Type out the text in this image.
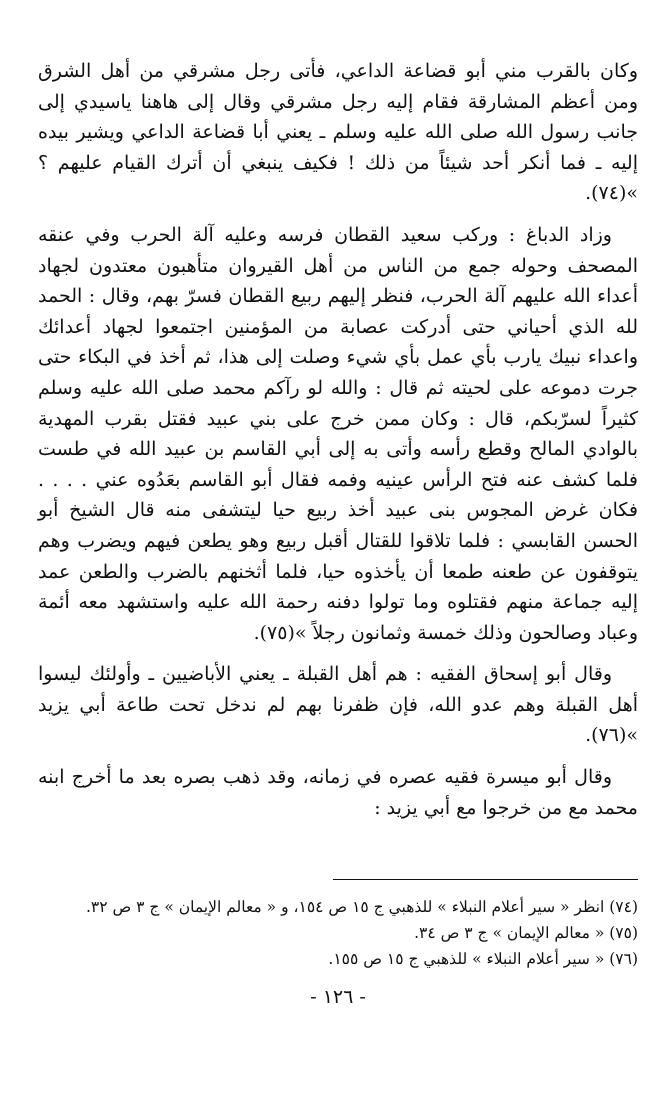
وكان بالقرب مني أبو قضاعة الداعي، فأتى رجل مشرقي من أهل الشرق ومن أعظم المشارقة فقام إليه رجل مشرقي وقال إلى هاهنا ياسيدي إلى جانب رسول الله صلى الله عليه وسلم ـ يعني أبا قضاعة الداعي ويشير بيده إليه ـ فما أنكر أحد شيئاً من ذلك ! فكيف ينبغي أن أترك القيام عليهم ؟ »(٧٤).

وزاد الدباغ : وركب سعيد القطان فرسه وعليه آلة الحرب وفي عنقه المصحف وحوله جمع من الناس من أهل القيروان متأهبون معتدون لجهاد أعداء الله عليهم آلة الحرب، فنظر إليهم ربيع القطان فسرّ بهم، وقال : الحمد لله الذي أحياني حتى أدركت عصابة من المؤمنين اجتمعوا لجهاد أعدائك واعداء نبيك يارب بأي عمل بأي شيء وصلت إلى هذا، ثم أخذ في البكاء حتى جرت دموعه على لحيته ثم قال : والله لو رآكم محمد صلى الله عليه وسلم كثيراً لسرّبكم، قال : وكان ممن خرج على بني عبيد فقتل بقرب المهدية بالوادي المالح وقطع رأسه وأتى به إلى أبي القاسم بن عبيد الله في طست فلما كشف عنه فتح الرأس عينيه وفمه فقال أبو القاسم بعَدُوه عني . . . . فكان غرض المجوس بنى عبيد أخذ ربيع حيا ليتشفى منه قال الشيخ أبو الحسن القابسي : فلما تلاقوا للقتال أقبل ربيع وهو يطعن فيهم ويضرب وهم يتوقفون عن طعنه طمعا أن يأخذوه حيا، فلما أثخنهم بالضرب والطعن عمد إليه جماعة منهم فقتلوه وما تولوا دفنه رحمة الله عليه واستشهد معه أئمة وعباد وصالحون وذلك خمسة وثمانون رجلاً »(٧٥).

وقال أبو إسحاق الفقيه : هم أهل القبلة ـ يعني الأباضيين ـ وأولئك ليسوا أهل القبلة وهم عدو الله، فإن ظفرنا بهم لم ندخل تحت طاعة أبي يزيد »(٧٦).

وقال أبو ميسرة فقيه عصره في زمانه، وقد ذهب بصره بعد ما أخرج ابنه محمد مع من خرجوا مع أبي يزيد :

(٧٤) انظر « سير أعلام النبلاء » للذهبي ج ١٥ ص ١٥٤، و « معالم الإيمان » ج ٣ ص ٣٢.

(٧٥) « معالم الإيمان » ج ٣ ص ٣٤.

(٧٦) « سير أعلام النبلاء » للذهبي ج ١٥ ص ١٥٥.

- ١٢٦ -
